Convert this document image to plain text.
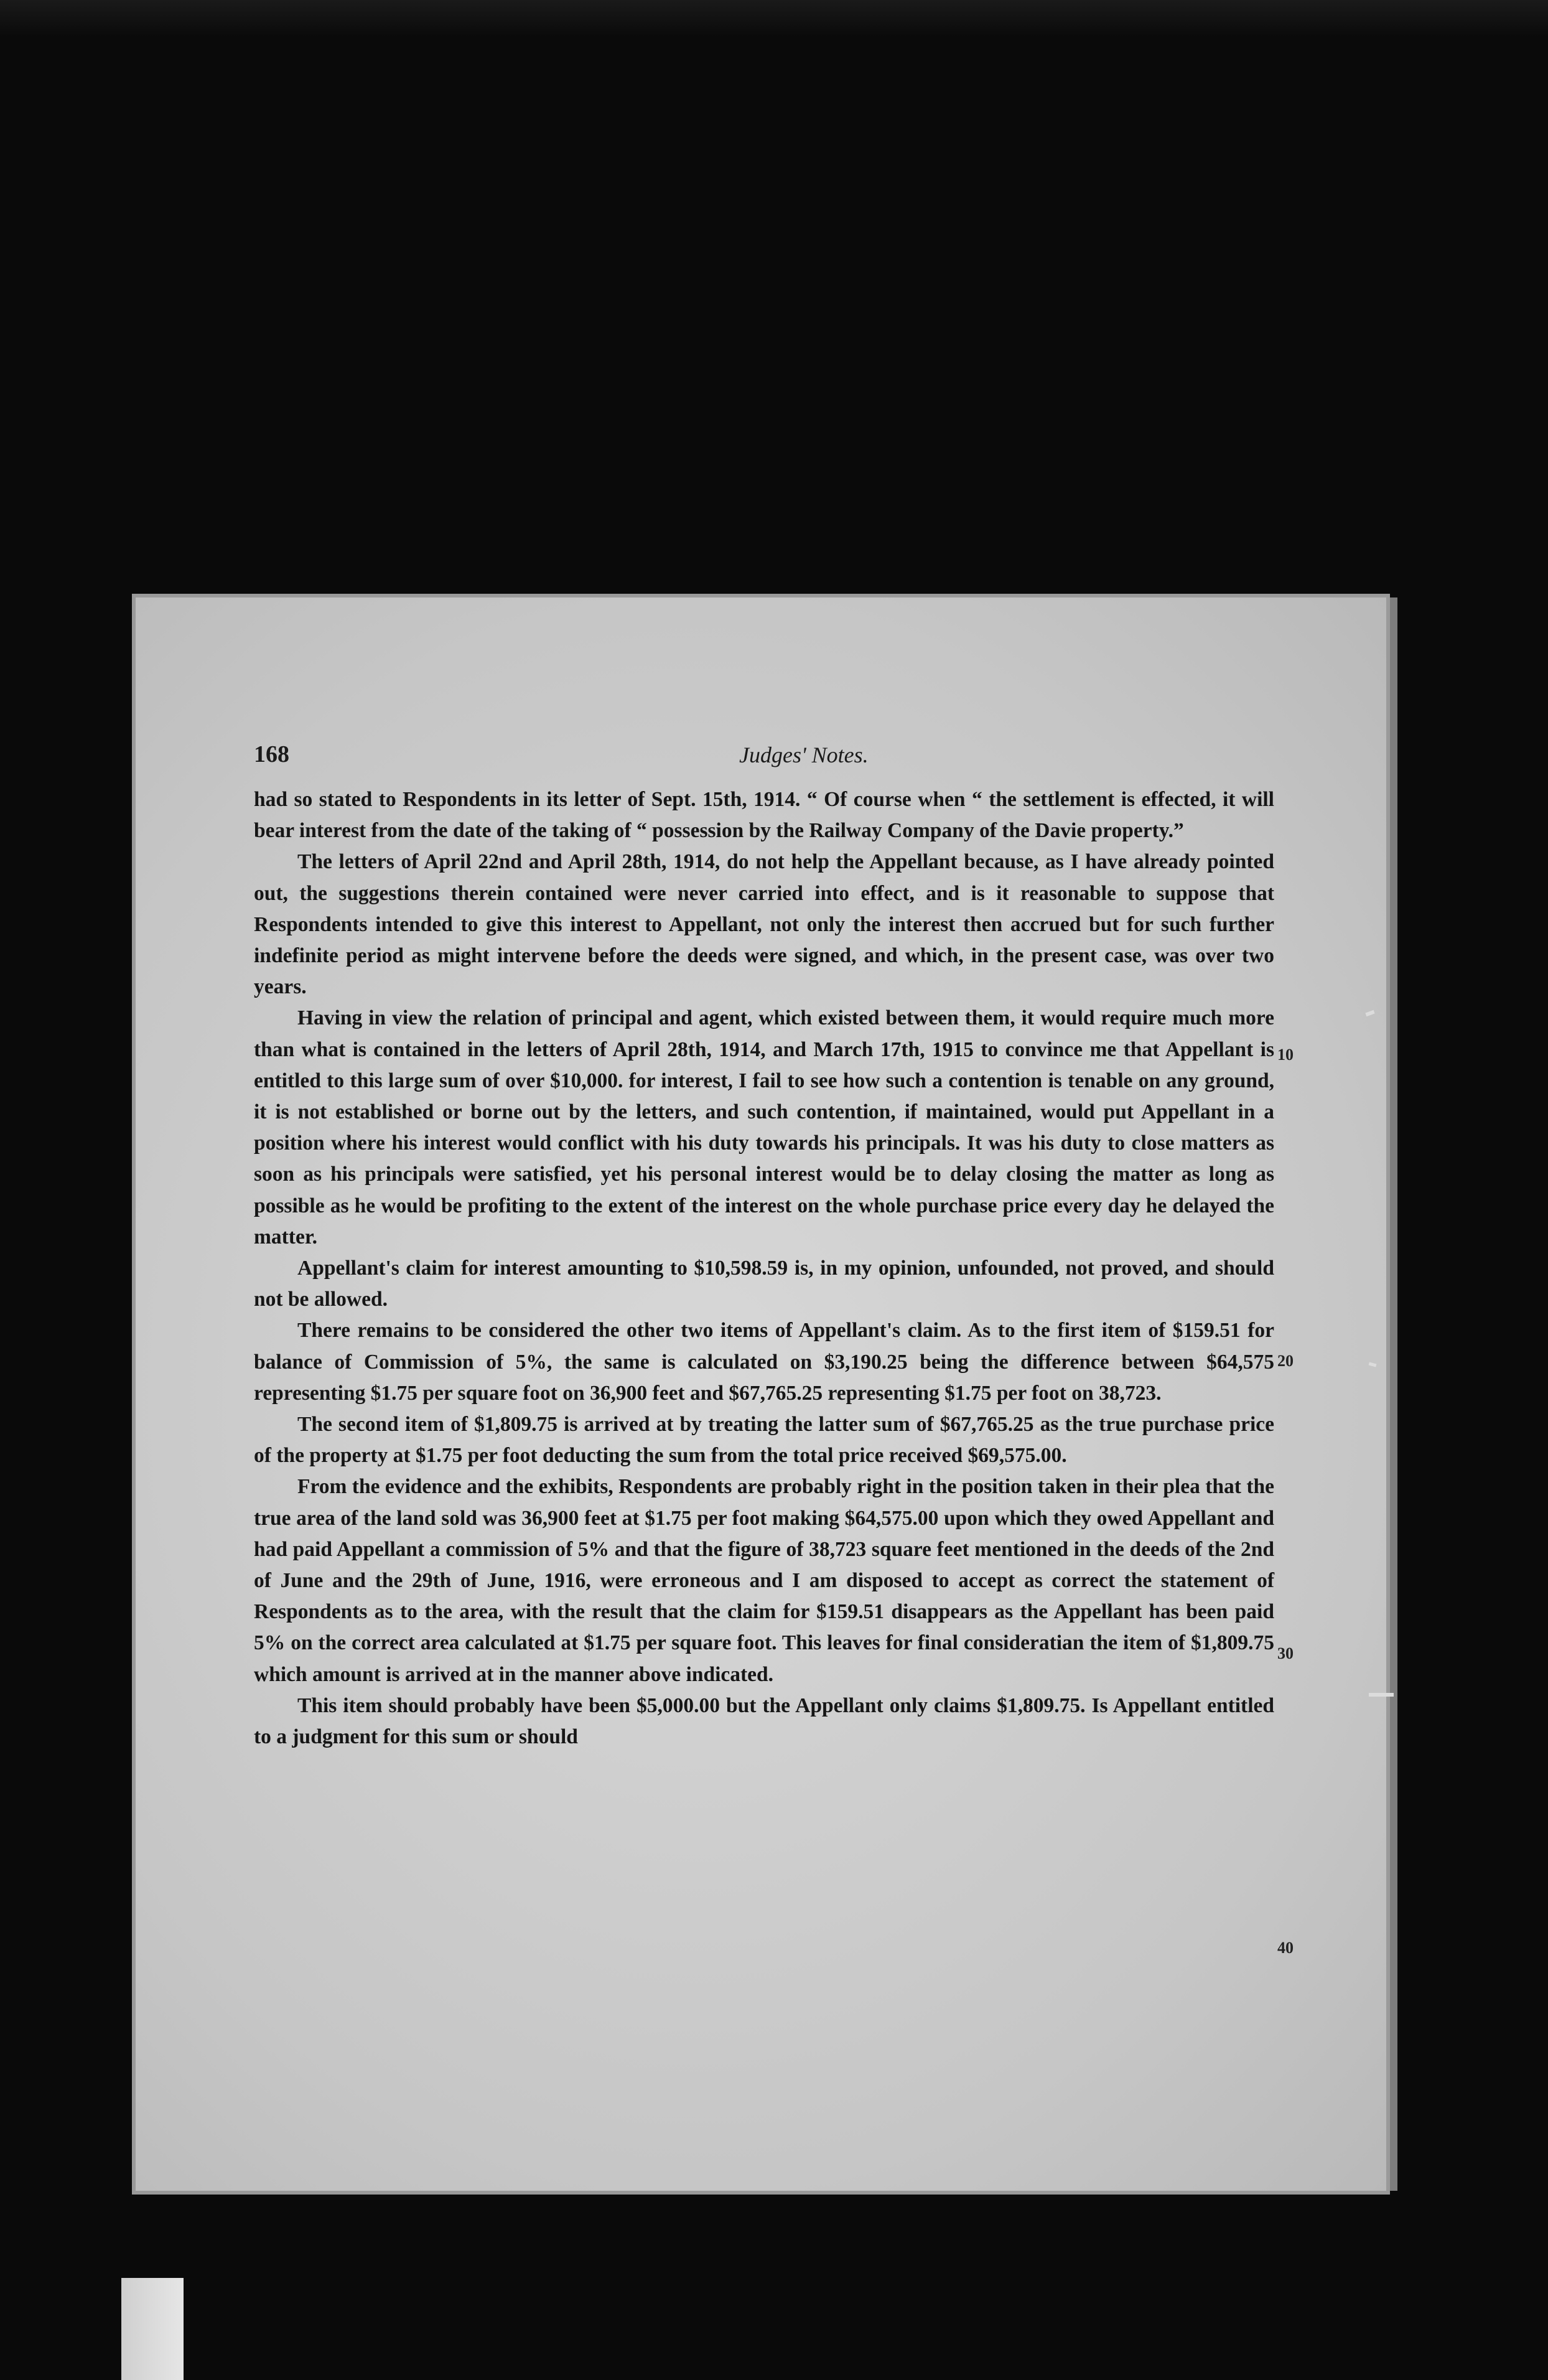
168	Judges' Notes.

had so stated to Respondents in its letter of Sept. 15th, 1914. “ Of course when “ the settlement is effected, it will bear interest from the date of the taking of “ possession by the Railway Company of the Davie property.”

The letters of April 22nd and April 28th, 1914, do not help the Appellant because, as I have already pointed out, the suggestions therein contained were never carried into effect, and is it reasonable to suppose that Respondents intended to give this interest to Appellant, not only the interest then accrued but for such further indefinite period as might intervene before the deeds were signed, and which, in the present case, was over two years.

Having in view the relation of principal and agent, which existed between them, it would require much more than what is contained in the letters of April 28th, 1914, and March 17th, 1915 to convince me that Appellant is entitled to this large sum of over $10,000. for interest, I fail to see how such a contention is tenable on any ground, it is not established or borne out by the letters, and such contention, if maintained, would put Appellant in a position where his interest would conflict with his duty towards his principals. It was his duty to close matters as soon as his principals were satisfied, yet his personal interest would be to delay closing the matter as long as possible as he would be profiting to the extent of the interest on the whole purchase price every day he delayed the matter.

Appellant's claim for interest amounting to $10,598.59 is, in my opinion, unfounded, not proved, and should not be allowed.

There remains to be considered the other two items of Appellant's claim. As to the first item of $159.51 for balance of Commission of 5%, the same is calculated on $3,190.25 being the difference between $64,575 representing $1.75 per square foot on 36,900 feet and $67,765.25 representing $1.75 per foot on 38,723.

The second item of $1,809.75 is arrived at by treating the latter sum of $67,765.25 as the true purchase price of the property at $1.75 per foot deducting the sum from the total price received $69,575.00.

From the evidence and the exhibits, Respondents are probably right in the position taken in their plea that the true area of the land sold was 36,900 feet at $1.75 per foot making $64,575.00 upon which they owed Appellant and had paid Appellant a commission of 5% and that the figure of 38,723 square feet mentioned in the deeds of the 2nd of June and the 29th of June, 1916, were erroneous and I am disposed to accept as correct the statement of Respondents as to the area, with the result that the claim for $159.51 disappears as the Appellant has been paid 5% on the correct area calculated at $1.75 per square foot. This leaves for final consideratian the item of $1,809.75 which amount is arrived at in the manner above indicated.

This item should probably have been $5,000.00 but the Appellant only claims $1,809.75. Is Appellant entitled to a judgment for this sum or should

10
20
30
40
